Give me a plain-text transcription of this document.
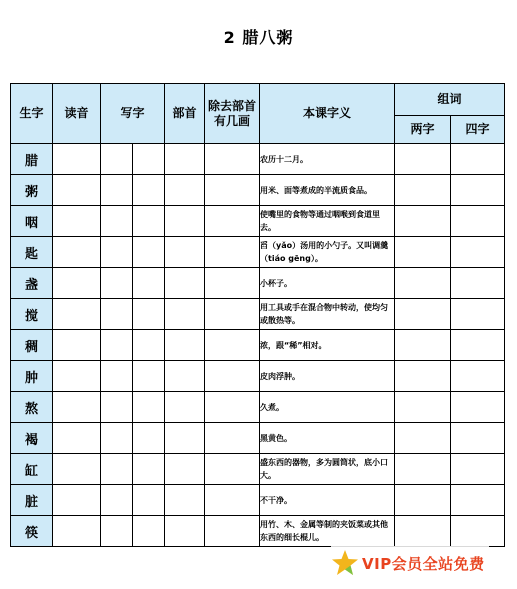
2 腊八粥
生字	读音	写字		部首	除去部首
有几画	本课字义	组词	
							两字	四字
腊						农历十二月。		
粥						用米、面等煮成的半流质食品。		
咽						使嘴里的食物等通过咽喉到食道里去。		
匙						舀（yǎo）汤用的小勺子。又叫调羹（tiáo gēng）。		
盏						小杯子。		
搅						用工具或手在混合物中转动，使均匀或散热等。		
稠						浓，跟“稀”相对。		
肿						皮肉浮肿。		
熬						久煮。		
褐						黑黄色。		
缸						盛东西的器物，多为圆筒状，底小口大。		
脏						不干净。		
筷						用竹、木、金属等制的夹饭菜或其他东西的细长棍儿。		
VIP会员全站免费
